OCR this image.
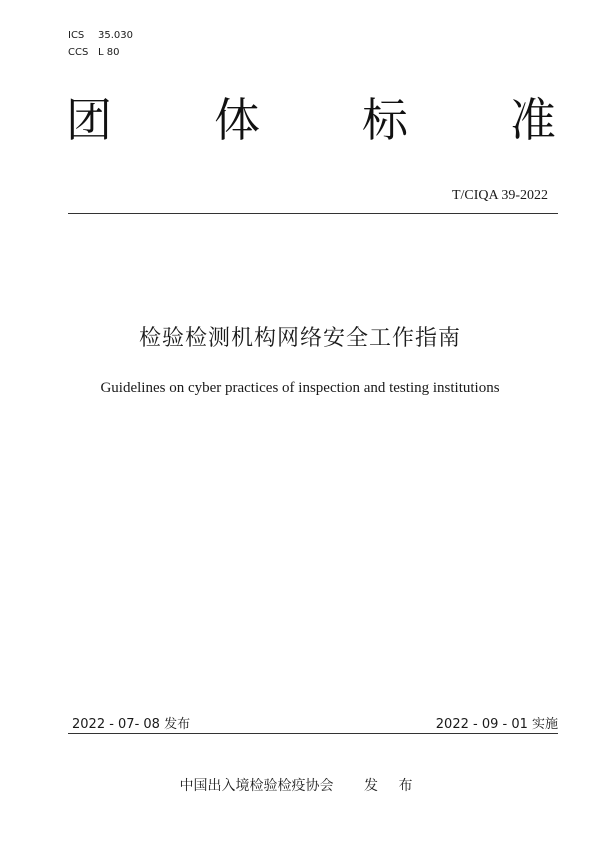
ICS	35.030
CCS L 80
团 体 标 准
T/CIQA 39-2022
检验检测机构网络安全工作指南
Guidelines on cyber practices of inspection and testing institutions
2022 - 07- 08 发布	2022 - 09 - 01 实施
中国出入境检验检疫协会 发 布
